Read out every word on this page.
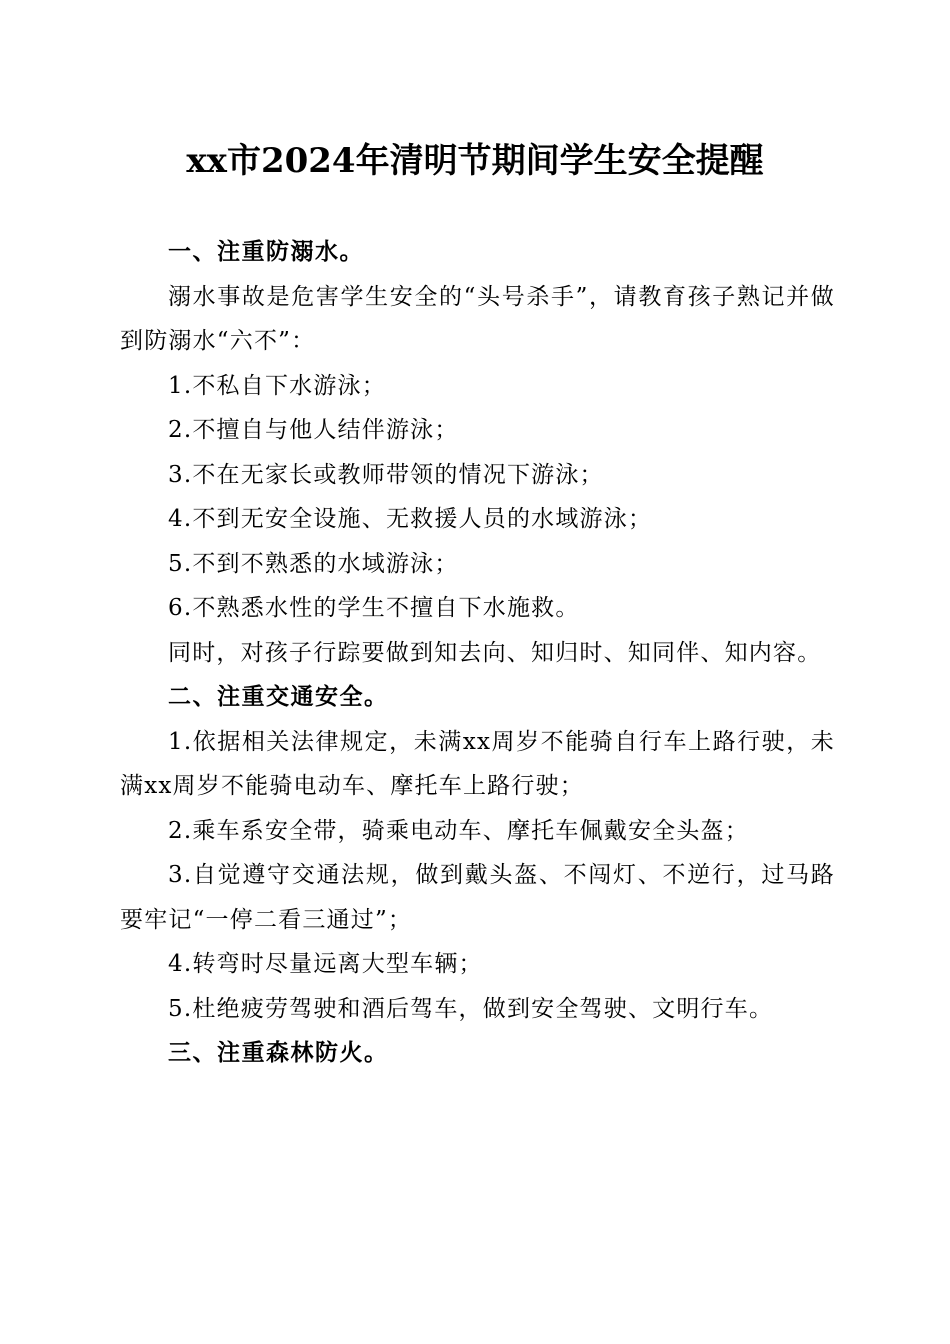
xx市2024年清明节期间学生安全提醒

一、注重防溺水。

溺水事故是危害学生安全的“头号杀手”，请教育孩子熟记并做到防溺水“六不”：

1.不私自下水游泳；

2.不擅自与他人结伴游泳；

3.不在无家长或教师带领的情况下游泳；

4.不到无安全设施、无救援人员的水域游泳；

5.不到不熟悉的水域游泳；

6.不熟悉水性的学生不擅自下水施救。

同时，对孩子行踪要做到知去向、知归时、知同伴、知内容。

二、注重交通安全。

1.依据相关法律规定，未满xx周岁不能骑自行车上路行驶，未满xx周岁不能骑电动车、摩托车上路行驶；

2.乘车系安全带，骑乘电动车、摩托车佩戴安全头盔；

3.自觉遵守交通法规，做到戴头盔、不闯灯、不逆行，过马路要牢记“一停二看三通过”；

4.转弯时尽量远离大型车辆；

5.杜绝疲劳驾驶和酒后驾车，做到安全驾驶、文明行车。

三、注重森林防火。
